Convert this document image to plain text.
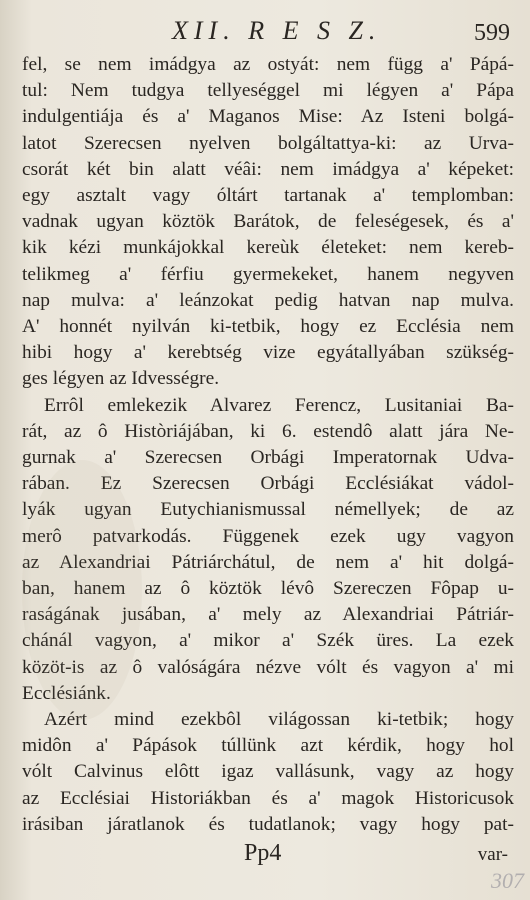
XII. R E S Z.	599
fel, se nem imádgya az ostyát: nem függ a' Pápá-
tul: Nem tudgya tellyeséggel mi légyen a' Pápa
indulgentiája és a' Maganos Mise: Az Isteni bolgá-
latot Szerecsen nyelven bolgáltattya-ki: az Urva-
csorát két bin alatt véâi: nem imádgya a' képeket:
egy asztalt vagy óltárt tartanak a' templomban:
vadnak ugyan köztök Barátok, de feleségesek, és a'
kik kézi munkájokkal kereùk életeket: nem kereb-
telikmeg a' férfiu gyermekeket, hanem negyven
nap mulva: a' leánzokat pedig hatvan nap mulva.
A' honnét nyilván ki-tetbik, hogy ez Ecclésia nem
hibi hogy a' kerebtség vize egyátallyában szükség-
ges légyen az Idvességre.
Errôl emlekezik Alvarez Ferencz, Lusitaniai Ba-
rát, az ô Històriájában, ki 6. estendô alatt jára Ne-
gurnak a' Szerecsen Orbági Imperatornak Udva-
rában. Ez Szerecsen Orbági Ecclésiákat vádol-
lyák ugyan Eutychianismussal némellyek; de az
merô patvarkodás. Függenek ezek ugy vagyon
az Alexandriai Pátriárchátul, de nem a' hit dolgá-
ban, hanem az ô köztök lévô Szereczen Fôpap u-
raságának jusában, a' mely az Alexandriai Pátriár-
chánál vagyon, a' mikor a' Szék üres. La ezek
közöt-is az ô valóságára nézve vólt és vagyon a' mi
Ecclésiánk.
Azért mind ezekbôl világossan ki-tetbik; hogy
midôn a' Pápások túllünk azt kérdik, hogy hol
vólt Calvinus elôtt igaz vallásunk, vagy az hogy
az Ecclésiai Historiákban és a' magok Historicusok
irásiban járatlanok és tudatlanok; vagy hogy pat-
Pp4	var-
307
